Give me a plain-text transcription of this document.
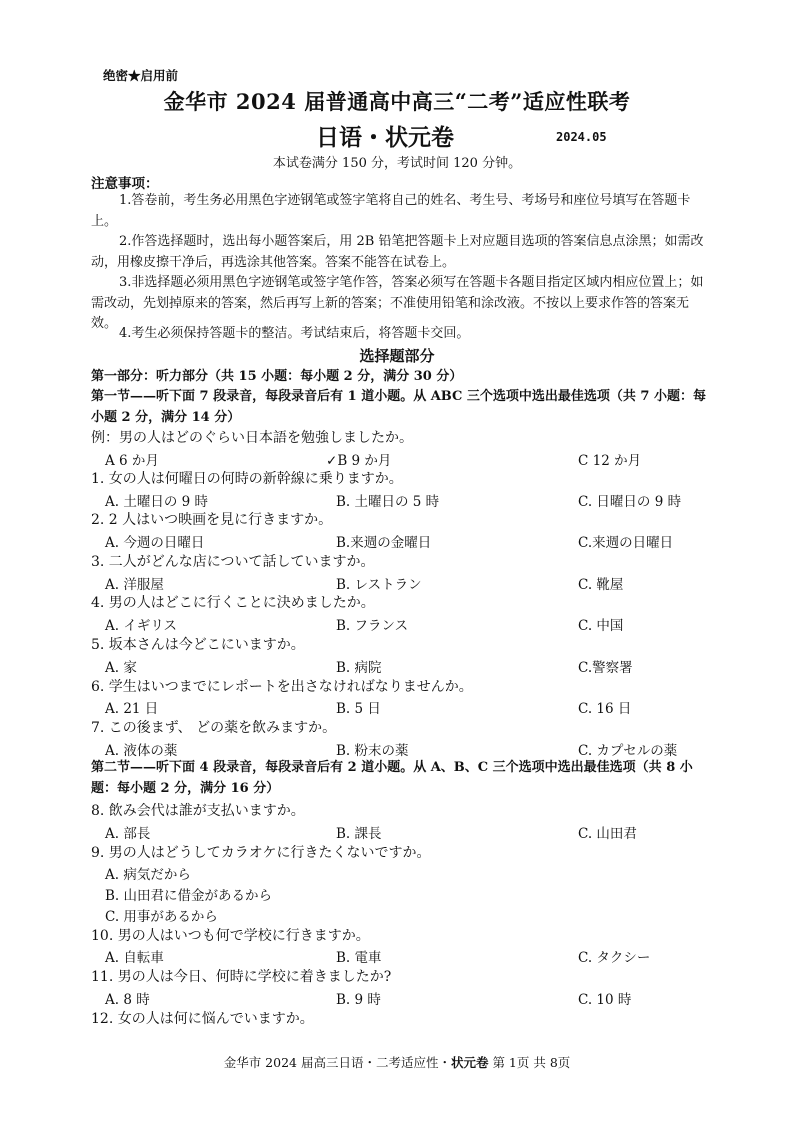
绝密★启用前
金华市 2024 届普通高中高三“二考”适应性联考
日语・状元卷	2024.05
本试卷满分 150 分，考试时间 120 分钟。
注意事项：
1.答卷前，考生务必用黑色字迹钢笔或签字笔将自己的姓名、考生号、考场号和座位号填写在答题卡上。
2.作答选择题时，选出每小题答案后，用 2B 铅笔把答题卡上对应题目选项的答案信息点涂黑；如需改动，用橡皮擦干净后，再选涂其他答案。答案不能答在试卷上。
3.非选择题必须用黑色字迹钢笔或签字笔作答，答案必须写在答题卡各题目指定区域内相应位置上；如需改动，先划掉原来的答案，然后再写上新的答案；不准使用铅笔和涂改液。不按以上要求作答的答案无效。
4.考生必须保持答题卡的整洁。考试结束后，将答题卡交回。
选择题部分
第一部分：听力部分（共 15 小题：每小题 2 分，满分 30 分）
第一节——听下面 7 段录音，每段录音后有 1 道小题。从 ABC 三个选项中选出最佳选项（共 7 小题：每小题 2 分，满分 14 分）
例：男の人はどのぐらい日本語を勉強しましたか。
A 6 か月	✓B 9 か月	C 12 か月
1. 女の人は何曜日の何時の新幹線に乗りますか。
A. 土曜日の 9 時	B. 土曜日の 5 時	C. 日曜日の 9 時
2. 2 人はいつ映画を見に行きますか。
A. 今週の日曜日	B.来週の金曜日	C.来週の日曜日
3. 二人がどんな店について話していますか。
A. 洋服屋	B. レストラン	C. 靴屋
4. 男の人はどこに行くことに決めましたか。
A. イギリス	B. フランス	C. 中国
5. 坂本さんは今どこにいますか。
A. 家	B. 病院	C.警察署
6. 学生はいつまでにレポートを出さなければなりませんか。
A. 21 日	B. 5 日	C. 16 日
7. この後まず、 どの薬を飲みますか。
A. 液体の薬	B. 粉末の薬	C. カプセルの薬
第二节——听下面 4 段录音，每段录音后有 2 道小题。从 A、B、C 三个选项中选出最佳选项（共 8 小题：每小题 2 分，满分 16 分）
8. 飲み会代は誰が支払いますか。
A. 部長	B. 課長	C. 山田君
9. 男の人はどうしてカラオケに行きたくないですか。
A. 病気だから
B. 山田君に借金があるから
C. 用事があるから
10. 男の人はいつも何で学校に行きますか。
A. 自転車	B. 電車	C. タクシー
11. 男の人は今日、何時に学校に着きましたか?
A. 8 時	B. 9 時	C. 10 時
12. 女の人は何に悩んでいますか。
金华市 2024 届高三日语・二考适应性・状元卷 第 1页 共 8页
